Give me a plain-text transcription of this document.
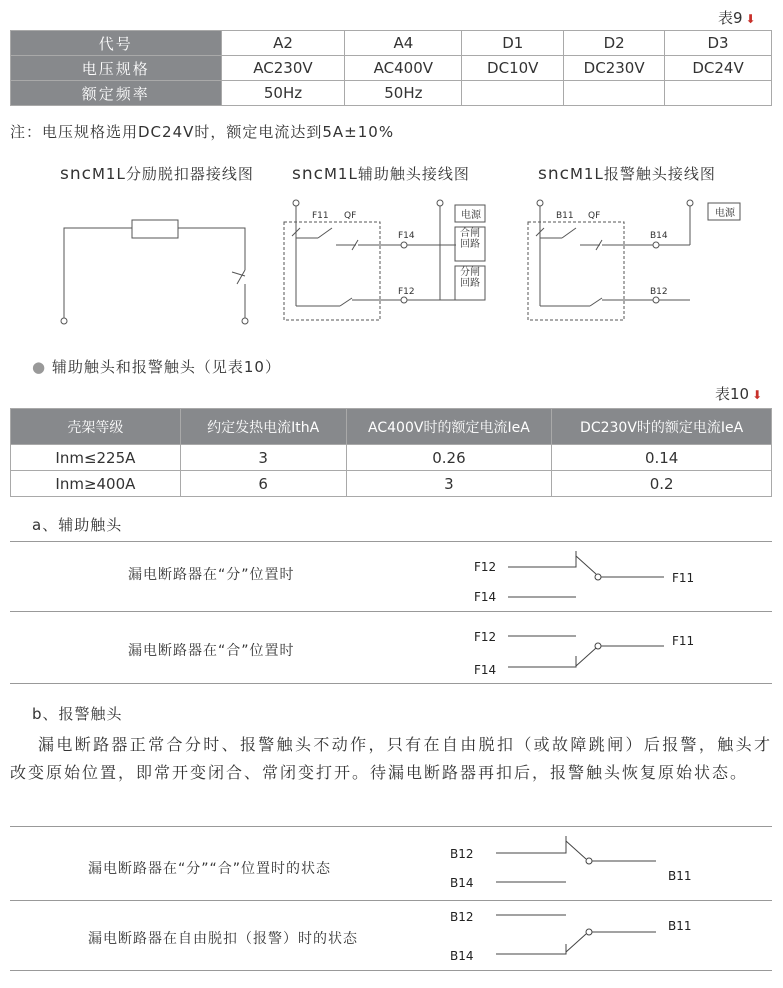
表9 ⬇
代号	A2	A4	D1	D2	D3
电压规格	AC230V	AC400V	DC10V	DC230V	DC24V
额定频率	50Hz	50Hz			
注：电压规格选用DC24V时，额定电流达到5A±10%
sncM1L分励脱扣器接线图 sncM1L辅助触头接线图	sncM1L报警触头接线图
F11 QF
F14
F12
B11 QF
B14
B12
电源
合闸回路
分闸回路
电源
● 辅助触头和报警触头（见表10）
表10 ⬇
壳架等级	约定发热电流IthA	AC400V时的额定电流IeA	DC230V时的额定电流IeA
Inm≤225A	3	0.26	0.14
Inm≥400A	6	3	0.2
a、辅助触头
漏电断路器在“分”位置时
漏电断路器在“合”位置时
F12
F14
F11
F12
F14
F11
b、报警触头
漏电断路器正常合分时、报警触头不动作，只有在自由脱扣（或故障跳闸）后报警，触头才改变原始位置，即常开变闭合、常闭变打开。待漏电断路器再扣后，报警触头恢复原始状态。
漏电断路器在“分”“合”位置时的状态
漏电断路器在自由脱扣（报警）时的状态
B12
B14	B11
B12
B14
B11
